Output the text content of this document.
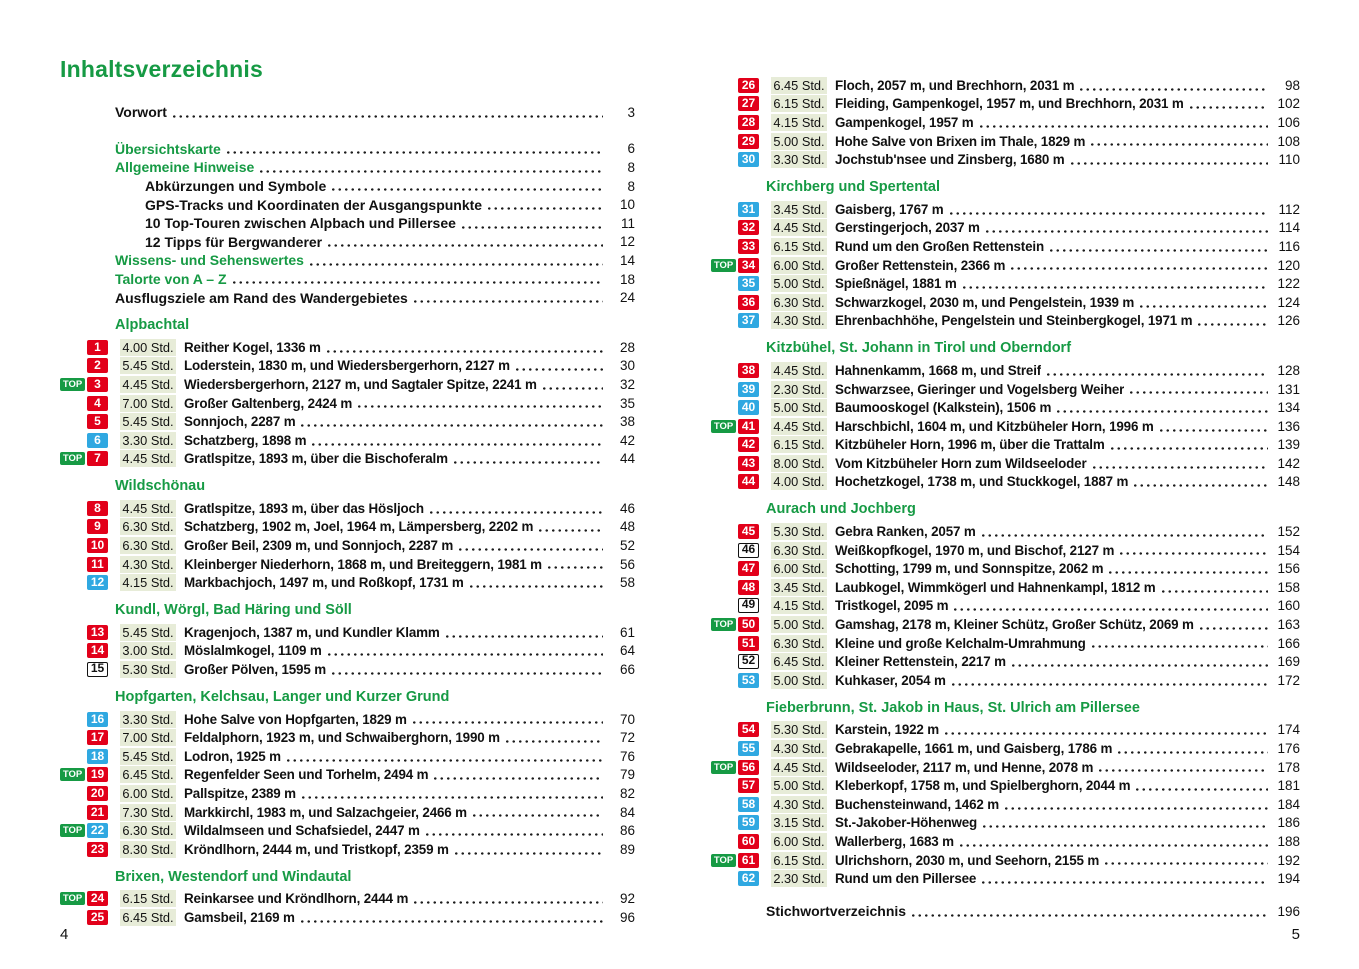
Inhaltsverzeichnis
Vorwort	3
Übersichtskarte	6
Allgemeine Hinweise	8
Abkürzungen und Symbole	8
GPS-Tracks und Koordinaten der Ausgangspunkte	10
10 Top-Touren zwischen Alpbach und Pillersee	11
12 Tipps für Bergwanderer	12
Wissens- und Sehenswertes	14
Talorte von A – Z	18
Ausflugsziele am Rand des Wandergebietes	24
Alpbachtal
1	4.00 Std. Reither Kogel, 1336 m	28
2	5.45 Std. Loderstein, 1830 m, und Wiedersbergerhorn, 2127 m	30
TOP 3	4.45 Std. Wiedersbergerhorn, 2127 m, und Sagtaler Spitze, 2241 m	32
4	7.00 Std. Großer Galtenberg, 2424 m	35
5	5.45 Std. Sonnjoch, 2287 m	38
6	3.30 Std. Schatzberg, 1898 m	42
TOP 7	4.45 Std. Gratlspitze, 1893 m, über die Bischoferalm	44
Wildschönau
8	4.45 Std. Gratlspitze, 1893 m, über das Hösljoch	46
9	6.30 Std. Schatzberg, 1902 m, Joel, 1964 m, Lämpersberg, 2202 m	48
10 6.30 Std. Großer Beil, 2309 m, und Sonnjoch, 2287 m	52
11	4.30 Std. Kleinberger Niederhorn, 1868 m, und Breiteggern, 1981 m	56
12 4.15 Std. Markbachjoch, 1497 m, und Roßkopf, 1731 m	58
Kundl, Wörgl, Bad Häring und Söll
13 5.45 Std. Kragenjoch, 1387 m, und Kundler Klamm	61
14 3.00 Std. Möslalmkogel, 1109 m	64
15 5.30 Std. Großer Pölven, 1595 m	66
Hopfgarten, Kelchsau, Langer und Kurzer Grund
16 3.30 Std. Hohe Salve von Hopfgarten, 1829 m	70
17 7.00 Std. Feldalphorn, 1923 m, und Schwaiberghorn, 1990 m	72
18 5.45 Std. Lodron, 1925 m	76
TOP 19 6.45 Std. Regenfelder Seen und Torhelm, 2494 m	79
20 6.00 Std. Pallspitze, 2389 m	82
21 7.30 Std. Markkirchl, 1983 m, und Salzachgeier, 2466 m	84
TOP 22 6.30 Std. Wildalmseen und Schafsiedel, 2447 m	86
23 8.30 Std. Kröndlhorn, 2444 m, und Tristkopf, 2359 m	89
Brixen, Westendorf und Windautal
TOP 24 6.15 Std. Reinkarsee und Kröndlhorn, 2444 m	92
25 6.45 Std. Gamsbeil, 2169 m	96
4
26 6.45 Std. Floch, 2057 m, und Brechhorn, 2031 m	98
27 6.15 Std. Fleiding, Gampenkogel, 1957 m, und Brechhorn, 2031 m	102
28 4.15 Std. Gampenkogel, 1957 m	106
29 5.00 Std. Hohe Salve von Brixen im Thale, 1829 m	108
30 3.30 Std. Jochstub'nsee und Zinsberg, 1680 m	110
Kirchberg und Spertental
31 3.45 Std. Gaisberg, 1767 m	112
32 4.45 Std. Gerstingerjoch, 2037 m	114
33 6.15 Std. Rund um den Großen Rettenstein	116
TOP 34 6.00 Std. Großer Rettenstein, 2366 m	120
35 5.00 Std. Spießnägel, 1881 m	122
36 6.30 Std. Schwarzkogel, 2030 m, und Pengelstein, 1939 m	124
37 4.30 Std. Ehrenbachhöhe, Pengelstein und Steinbergkogel, 1971 m	126
Kitzbühel, St. Johann in Tirol und Oberndorf
38 4.45 Std. Hahnenkamm, 1668 m, und Streif	128
39 2.30 Std. Schwarzsee, Gieringer und Vogelsberg Weiher	131
40 5.00 Std. Baumooskogel (Kalkstein), 1506 m	134
TOP 41 4.45 Std. Harschbichl, 1604 m, und Kitzbüheler Horn, 1996 m	136
42 6.15 Std. Kitzbüheler Horn, 1996 m, über die Trattalm	139
43 8.00 Std. Vom Kitzbüheler Horn zum Wildseeloder	142
44 4.00 Std. Hochetzkogel, 1738 m, und Stuckkogel, 1887 m	148
Aurach und Jochberg
45 5.30 Std. Gebra Ranken, 2057 m	152
46 6.30 Std. Weißkopfkogel, 1970 m, und Bischof, 2127 m	154
47 6.00 Std. Schotting, 1799 m, und Sonnspitze, 2062 m	156
48 3.45 Std. Laubkogel, Wimmkögerl und Hahnenkampl, 1812 m	158
49 4.15 Std. Tristkogel, 2095 m	160
TOP 50 5.00 Std. Gamshag, 2178 m, Kleiner Schütz, Großer Schütz, 2069 m	163
51 6.30 Std. Kleine und große Kelchalm-Umrahmung	166
52 6.45 Std. Kleiner Rettenstein, 2217 m	169
53 5.00 Std. Kuhkaser, 2054 m	172
Fieberbrunn, St. Jakob in Haus, St. Ulrich am Pillersee
54 5.30 Std. Karstein, 1922 m	174
55 4.30 Std. Gebrakapelle, 1661 m, und Gaisberg, 1786 m	176
TOP 56 4.45 Std. Wildseeloder, 2117 m, und Henne, 2078 m	178
57 5.00 Std. Kleberkopf, 1758 m, und Spielberghorn, 2044 m	181
58 4.30 Std. Buchensteinwand, 1462 m	184
59 3.15 Std. St.-Jakober-Höhenweg	186
60 6.00 Std. Wallerberg, 1683 m	188
TOP 61 6.15 Std. Ulrichshorn, 2030 m, und Seehorn, 2155 m	192
62 2.30 Std. Rund um den Pillersee	194
Stichwortverzeichnis	196
5
